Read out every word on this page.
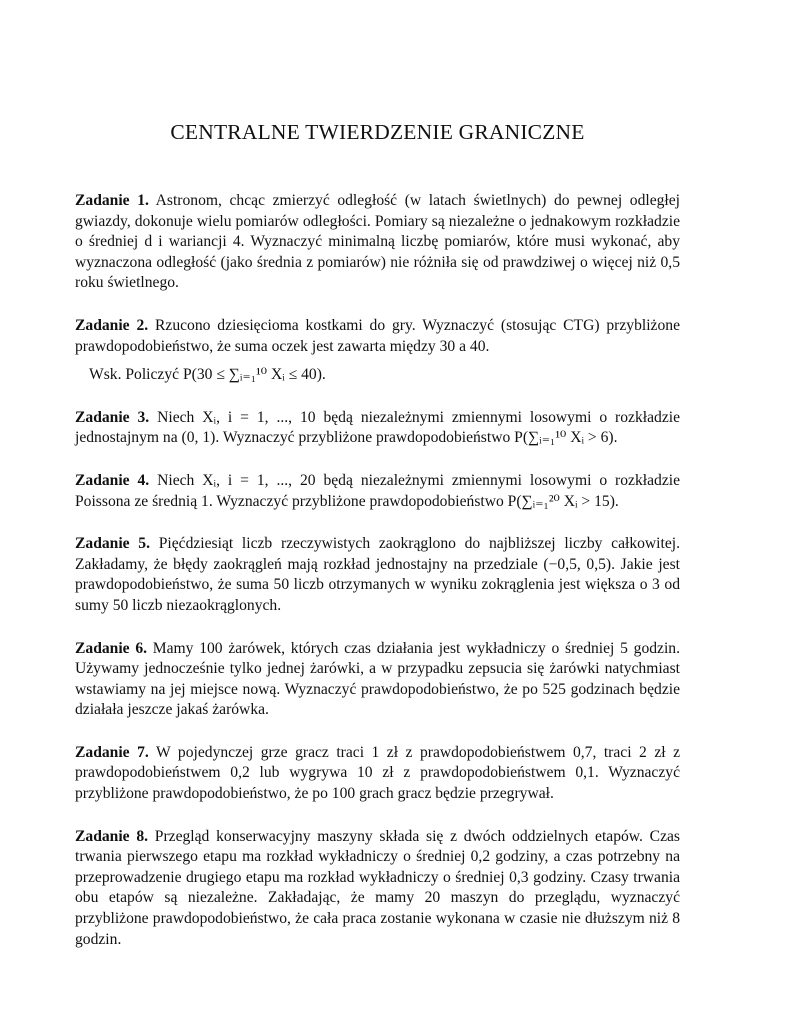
CENTRALNE TWIERDZENIE GRANICZNE

Zadanie 1. Astronom, chcąc zmierzyć odległość (w latach świetlnych) do pewnej odległej gwiazdy, dokonuje wielu pomiarów odległości. Pomiary są niezależne o jednakowym rozkładzie o średniej d i wariancji 4. Wyznaczyć minimalną liczbę pomiarów, które musi wykonać, aby wyznaczona odległość (jako średnia z pomiarów) nie różniła się od prawdziwej o więcej niż 0,5 roku świetlnego.

Zadanie 2. Rzucono dziesięcioma kostkami do gry. Wyznaczyć (stosując CTG) przybliżone prawdopodobieństwo, że suma oczek jest zawarta między 30 a 40.

Wsk. Policzyć P(30 ≤ ∑ᵢ₌₁¹⁰ Xᵢ ≤ 40).

Zadanie 3. Niech Xᵢ, i = 1, ..., 10 będą niezależnymi zmiennymi losowymi o rozkładzie jednostajnym na (0, 1). Wyznaczyć przybliżone prawdopodobieństwo P(∑ᵢ₌₁¹⁰ Xᵢ > 6).

Zadanie 4. Niech Xᵢ, i = 1, ..., 20 będą niezależnymi zmiennymi losowymi o rozkładzie Poissona ze średnią 1. Wyznaczyć przybliżone prawdopodobieństwo P(∑ᵢ₌₁²⁰ Xᵢ > 15).

Zadanie 5. Pięćdziesiąt liczb rzeczywistych zaokrąglono do najbliższej liczby całkowitej. Zakładamy, że błędy zaokrągleń mają rozkład jednostajny na przedziale (−0,5, 0,5). Jakie jest prawdopodobieństwo, że suma 50 liczb otrzymanych w wyniku zokrąglenia jest większa o 3 od sumy 50 liczb niezaokrąglonych.

Zadanie 6. Mamy 100 żarówek, których czas działania jest wykładniczy o średniej 5 godzin. Używamy jednocześnie tylko jednej żarówki, a w przypadku zepsucia się żarówki natychmiast wstawiamy na jej miejsce nową. Wyznaczyć prawdopodobieństwo, że po 525 godzinach będzie działała jeszcze jakaś żarówka.

Zadanie 7. W pojedynczej grze gracz traci 1 zł z prawdopodobieństwem 0,7, traci 2 zł z prawdopodobieństwem 0,2 lub wygrywa 10 zł z prawdopodobieństwem 0,1. Wyznaczyć przybliżone prawdopodobieństwo, że po 100 grach gracz będzie przegrywał.

Zadanie 8. Przegląd konserwacyjny maszyny składa się z dwóch oddzielnych etapów. Czas trwania pierwszego etapu ma rozkład wykładniczy o średniej 0,2 godziny, a czas potrzebny na przeprowadzenie drugiego etapu ma rozkład wykładniczy o średniej 0,3 godziny. Czasy trwania obu etapów są niezależne. Zakładając, że mamy 20 maszyn do przeglądu, wyznaczyć przybliżone prawdopodobieństwo, że cała praca zostanie wykonana w czasie nie dłuższym niż 8 godzin.
